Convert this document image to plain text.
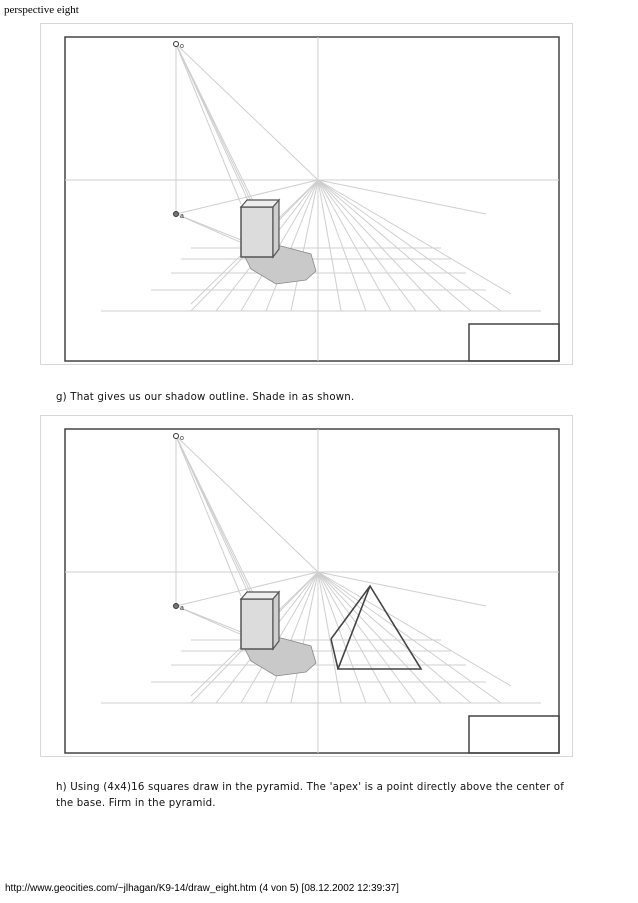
perspective eight
o
a
g) That gives us our shadow outline. Shade in as shown.
o
a
h) Using (4x4)16 squares draw in the pyramid. The 'apex' is a point directly above the center of the base. Firm in the pyramid.
http://www.geocities.com/~jlhagan/K9-14/draw_eight.htm (4 von 5) [08.12.2002 12:39:37]
